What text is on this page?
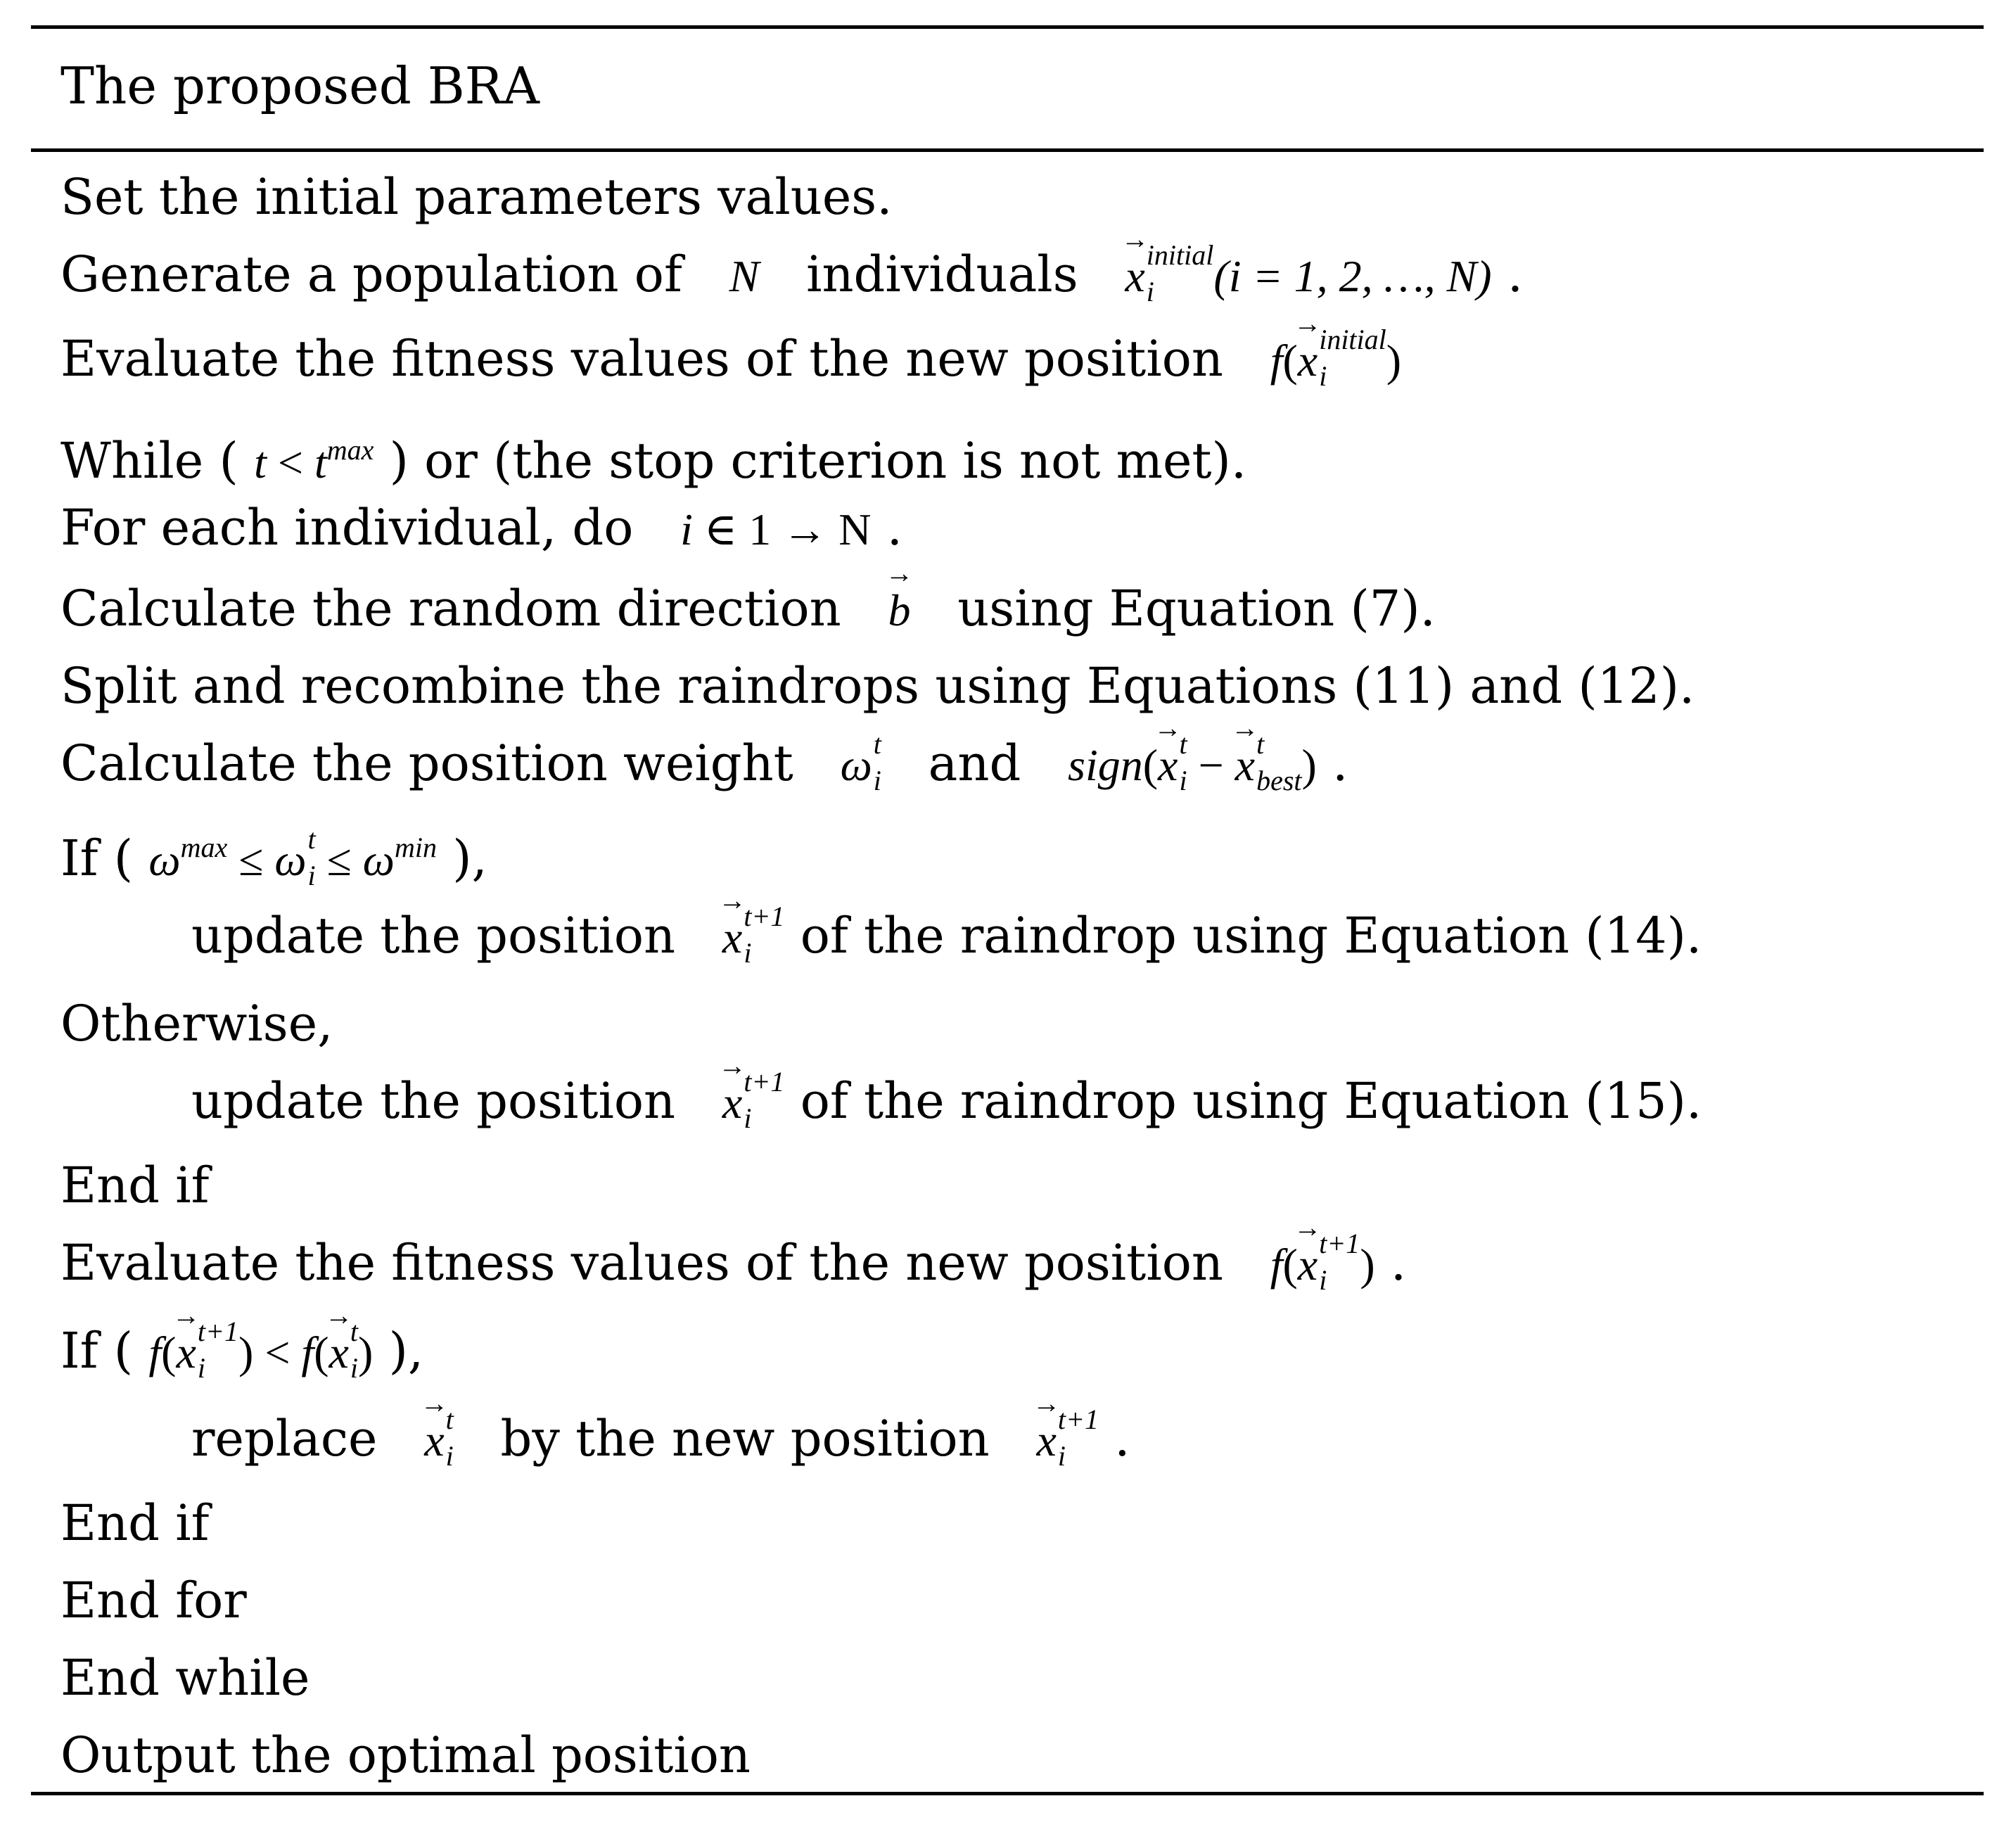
The proposed BRA
Set the initial parameters values.
Generate a population of N individuals → x initial
i	(i = 1, 2, …, N) .
Evaluate the fitness values of the new position f(→ x initial
i	)
While ( $t < t^{max}$ ) or (the stop criterion is not met).
For each individual, do i ∈ 1 → N .
Calculate the random direction → b using Equation (7).
Split and recombine the raindrops using Equations (11) and (12).
Calculate the position weight ω t
i and sign(→ x t
i − → x t
best ) .
If ( $\omega^{max} \le \omega$ t
$i \le \omega^{min}$ ),
update the position → x t+1
i of the raindrop using Equation (14).
Otherwise,
update the position → x t+1
i of the raindrop using Equation (15).
End if
Evaluate the fitness values of the new position f(→ x t+1
i ) .
If ( f(→ x t+1
i ) < f(→ x t
i ) ),
replace → x t
i by the new position → x t+1
i .
End if
End for
End while
Output the optimal position
